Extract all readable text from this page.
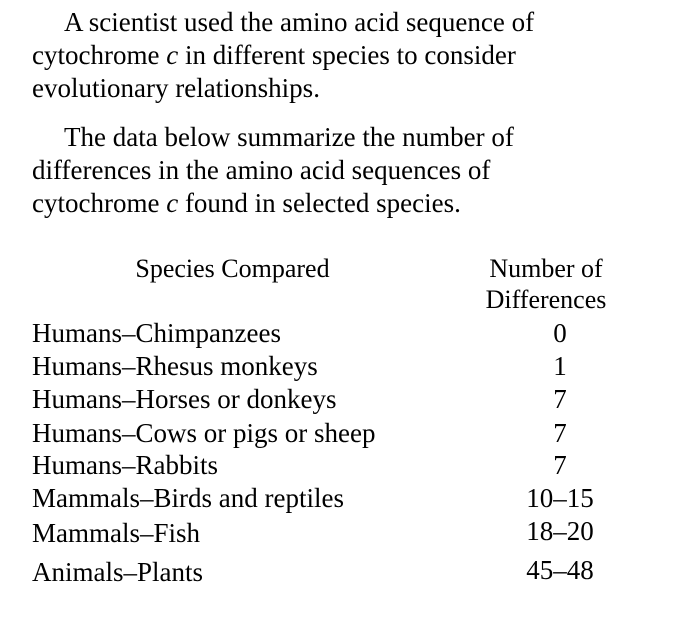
A scientist used the amino acid sequence of
cytochrome c in different species to consider
evolutionary relationships.
The data below summarize the number of
differences in the amino acid sequences of
cytochrome c found in selected species.
Species Compared	Number of
Differences
Humans–Chimpanzees	0
Humans–Rhesus monkeys	1
Humans–Horses or donkeys	7
Humans–Cows or pigs or sheep	7
Humans–Rabbits	7
Mammals–Birds and reptiles	10–15
Mammals–Fish	18–20
Animals–Plants	45–48
